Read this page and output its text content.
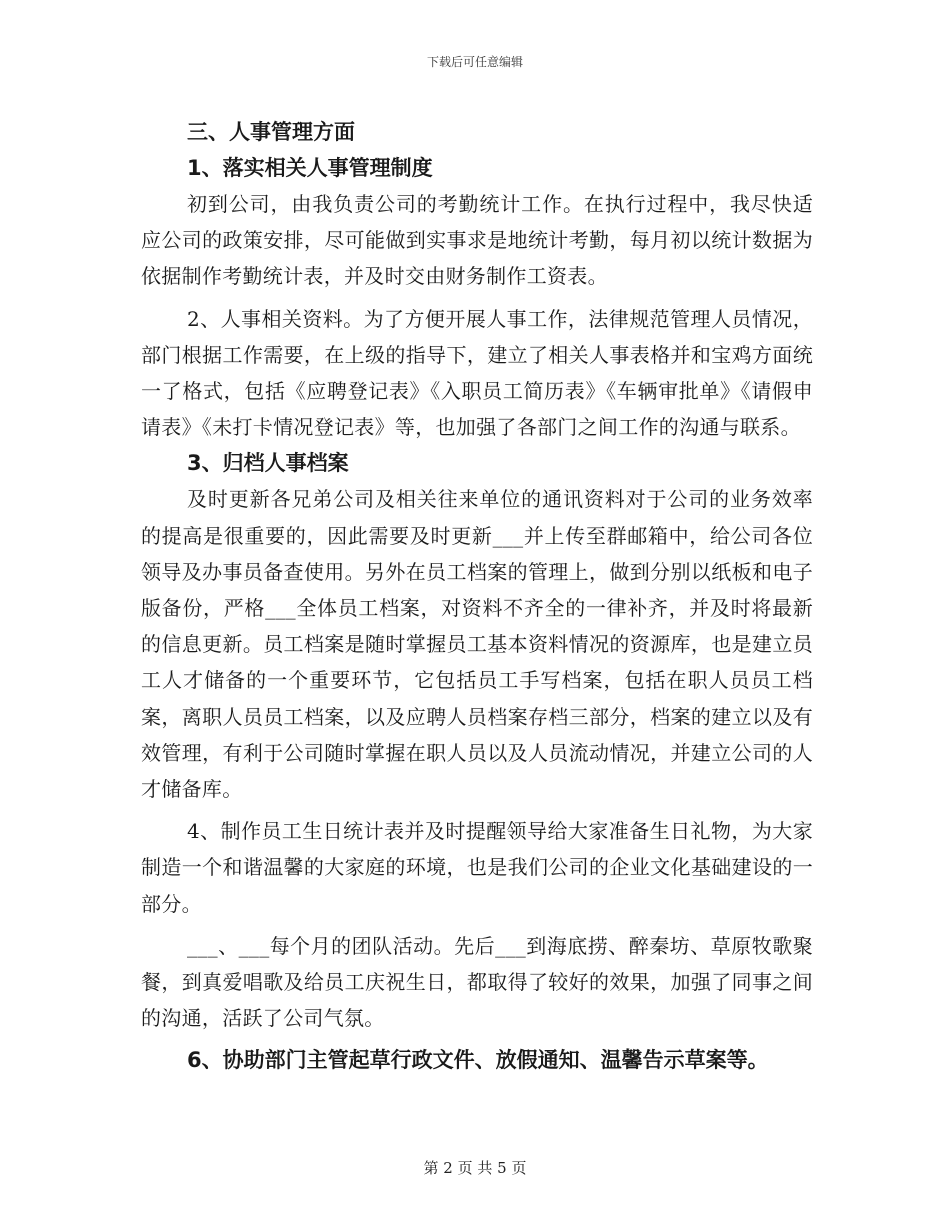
下载后可任意编辑

三、人事管理方面

1、落实相关人事管理制度

初到公司，由我负责公司的考勤统计工作。在执行过程中，我尽快适应公司的政策安排，尽可能做到实事求是地统计考勤，每月初以统计数据为依据制作考勤统计表，并及时交由财务制作工资表。

2、人事相关资料。为了方便开展人事工作，法律规范管理人员情况，部门根据工作需要，在上级的指导下，建立了相关人事表格并和宝鸡方面统一了格式，包括《应聘登记表》《入职员工简历表》《车辆审批单》《请假申请表》《未打卡情况登记表》等，也加强了各部门之间工作的沟通与联系。

3、归档人事档案

及时更新各兄弟公司及相关往来单位的通讯资料对于公司的业务效率的提高是很重要的，因此需要及时更新___并上传至群邮箱中，给公司各位领导及办事员备查使用。另外在员工档案的管理上，做到分别以纸板和电子版备份，严格___全体员工档案，对资料不齐全的一律补齐，并及时将最新的信息更新。员工档案是随时掌握员工基本资料情况的资源库，也是建立员工人才储备的一个重要环节，它包括员工手写档案，包括在职人员员工档案，离职人员员工档案，以及应聘人员档案存档三部分，档案的建立以及有效管理，有利于公司随时掌握在职人员以及人员流动情况，并建立公司的人才储备库。

4、制作员工生日统计表并及时提醒领导给大家准备生日礼物，为大家制造一个和谐温馨的大家庭的环境，也是我们公司的企业文化基础建设的一部分。

___、___每个月的团队活动。先后___到海底捞、醉秦坊、草原牧歌聚餐，到真爱唱歌及给员工庆祝生日，都取得了较好的效果，加强了同事之间的沟通，活跃了公司气氛。

6、协助部门主管起草行政文件、放假通知、温馨告示草案等。

第 2 页 共 5 页
